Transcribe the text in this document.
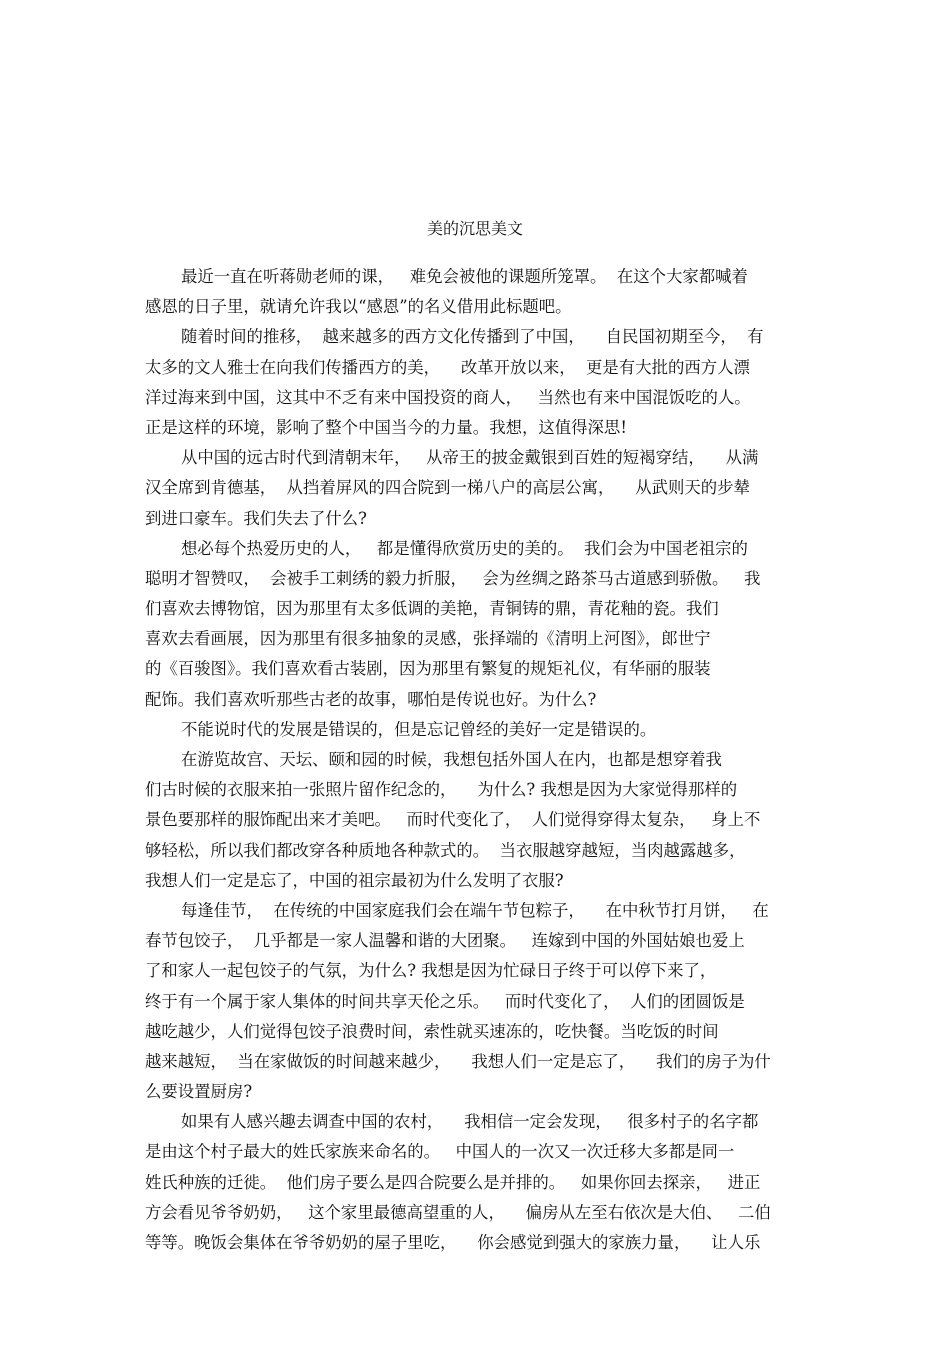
美的沉思美文
最近一直在听蒋勋老师的课，   难免会被他的课题所笼罩。  在这个大家都喊着
感恩的日子里，就请允许我以“感恩”的名义借用此标题吧。
随着时间的推移，  越来越多的西方文化传播到了中国，    自民国初期至今，  有
太多的文人雅士在向我们传播西方的美，    改革开放以来，  更是有大批的西方人漂
洋过海来到中国，这其中不乏有来中国投资的商人，   当然也有来中国混饭吃的人。
正是这样的环境，影响了整个中国当今的力量。我想，这值得深思!
从中国的远古时代到清朝末年，   从帝王的披金戴银到百姓的短褐穿结，    从满
汉全席到肯德基，  从挡着屏风的四合院到一梯八户的高层公寓，    从武则天的步辇
到进口豪车。我们失去了什么?
想必每个热爱历史的人，   都是懂得欣赏历史的美的。  我们会为中国老祖宗的
聪明才智赞叹，  会被手工刺绣的毅力折服，   会为丝绸之路茶马古道感到骄傲。   我
们喜欢去博物馆，因为那里有太多低调的美艳，青铜铸的鼎，青花釉的瓷。我们
喜欢去看画展，因为那里有很多抽象的灵感，张择端的《清明上河图》，郎世宁
的《百骏图》。我们喜欢看古装剧，因为那里有繁复的规矩礼仪，有华丽的服装
配饰。我们喜欢听那些古老的故事，哪怕是传说也好。为什么?
不能说时代的发展是错误的，但是忘记曾经的美好一定是错误的。
在游览故宫、天坛、颐和园的时候，我想包括外国人在内，也都是想穿着我
们古时候的衣服来拍一张照片留作纪念的，    为什么? 我想是因为大家觉得那样的
景色要那样的服饰配出来才美吧。   而时代变化了，  人们觉得穿得太复杂，   身上不
够轻松，所以我们都改穿各种质地各种款式的。  当衣服越穿越短，当肉越露越多，
我想人们一定是忘了，中国的祖宗最初为什么发明了衣服?
每逢佳节，  在传统的中国家庭我们会在端午节包粽子，    在中秋节打月饼，   在
春节包饺子，  几乎都是一家人温馨和谐的大团聚。   连嫁到中国的外国姑娘也爱上
了和家人一起包饺子的气氛，为什么? 我想是因为忙碌日子终于可以停下来了，
终于有一个属于家人集体的时间共享天伦之乐。   而时代变化了，  人们的团圆饭是
越吃越少，人们觉得包饺子浪费时间，索性就买速冻的，吃快餐。当吃饭的时间
越来越短，  当在家做饭的时间越来越少，    我想人们一定是忘了，    我们的房子为什
么要设置厨房?
如果有人感兴趣去调查中国的农村，    我相信一定会发现，   很多村子的名字都
是由这个村子最大的姓氏家族来命名的。   中国人的一次又一次迁移大多都是同一
姓氏种族的迁徙。  他们房子要么是四合院要么是并排的。   如果你回去探亲，   进正
方会看见爷爷奶奶，   这个家里最德高望重的人，    偏房从左至右依次是大伯、   二伯
等等。晚饭会集体在爷爷奶奶的屋子里吃，    你会感觉到强大的家族力量，    让人乐
